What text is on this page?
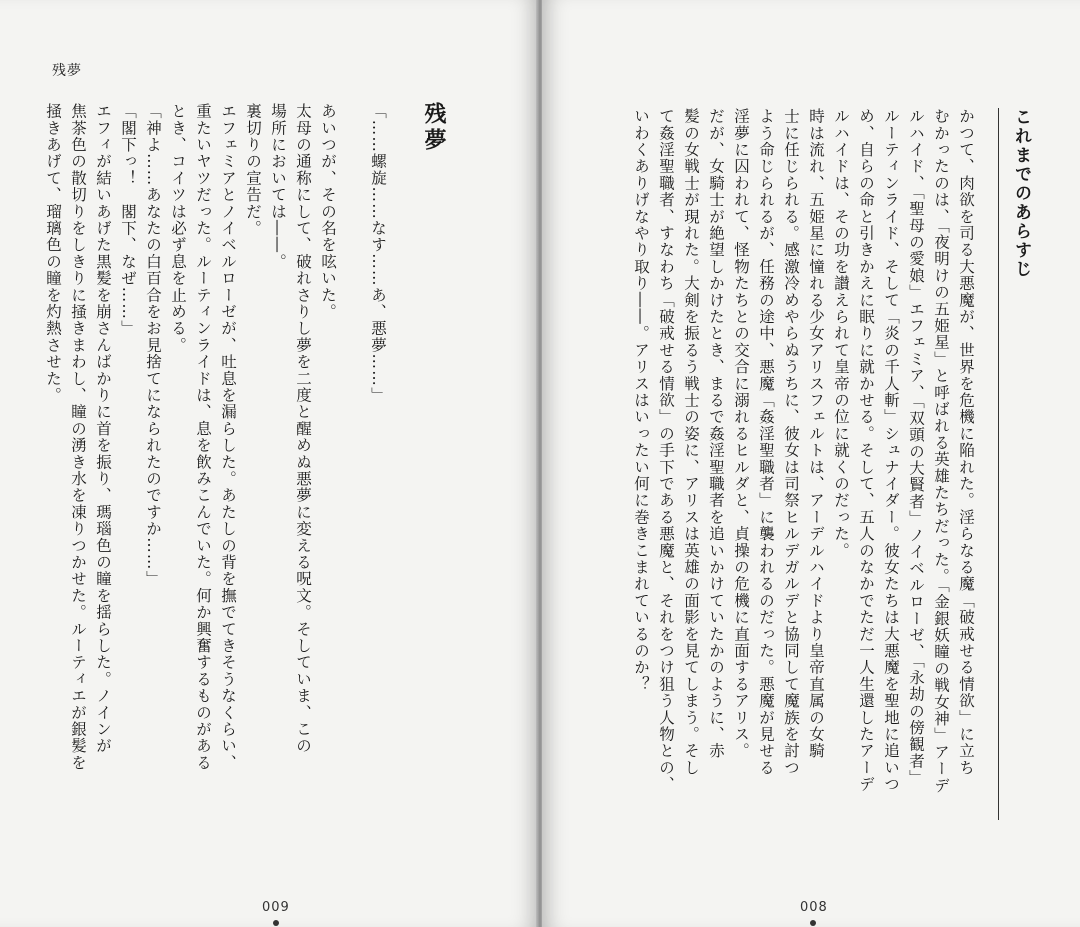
残夢
残夢
「……螺旋……なす……あ、悪夢……」
あいつが、その名を呟いた。
太母の通称にして、破れさりし夢を二度と醒めぬ悪夢に変える呪文。そしていま、この
場所においては――。
裏切りの宣告だ。
エフェミアとノイベルローゼが、吐息を漏らした。あたしの背を撫でてきそうなくらい、
重たいヤツだった。ルーティンライドは、息を飲みこんでいた。何か興奮するものがある
とき、コイツは必ず息を止める。
「神よ……あなたの白百合をお見捨てになられたのですか……」
「閣下っ！　閣下、なぜ……」
エフィが結いあげた黒髪を崩さんばかりに首を振り、瑪瑙色の瞳を揺らした。ノインが
焦茶色の散切りをしきりに掻きまわし、瞳の湧き水を凍りつかせた。ルーティエが銀髪を
掻きあげて、瑠璃色の瞳を灼熱させた。
009
かつて、肉欲を司る大悪魔が、世界を危機に陥れた。淫らなる魔「破戒せる情欲」に立ち
むかったのは、「夜明けの五姫星」と呼ばれる英雄たちだった。「金銀妖瞳の戦女神」アーデ
ルハイド、「聖母の愛娘」エフェミア、「双頭の大賢者」ノイベルローゼ、「永劫の傍観者」
ルーティンライド、そして「炎の千人斬」シュナイダー。彼女たちは大悪魔を聖地に追いつ
め、自らの命と引きかえに眠りに就かせる。そして、五人のなかでただ一人生還したアーデ
ルハイドは、その功を讃えられて皇帝の位に就くのだった。
時は流れ、五姫星に憧れる少女アリスフェルトは、アーデルハイドより皇帝直属の女騎
士に任じられる。感激冷めやらぬうちに、彼女は司祭ヒルデガルデと協同して魔族を討つ
よう命じられるが、任務の途中、悪魔「姦淫聖職者」に襲われるのだった。悪魔が見せる
淫夢に囚われて、怪物たちとの交合に溺れるヒルダと、貞操の危機に直面するアリス。
だが、女騎士が絶望しかけたとき、まるで姦淫聖職者を追いかけていたかのように、赤
髪の女戦士が現れた。大剣を振るう戦士の姿に、アリスは英雄の面影を見てしまう。そし
て姦淫聖職者、すなわち「破戒せる情欲」の手下である悪魔と、それをつけ狙う人物との、
いわくありげなやり取り――。アリスはいったい何に巻きこまれているのか？
008
これまでのあらすじ
